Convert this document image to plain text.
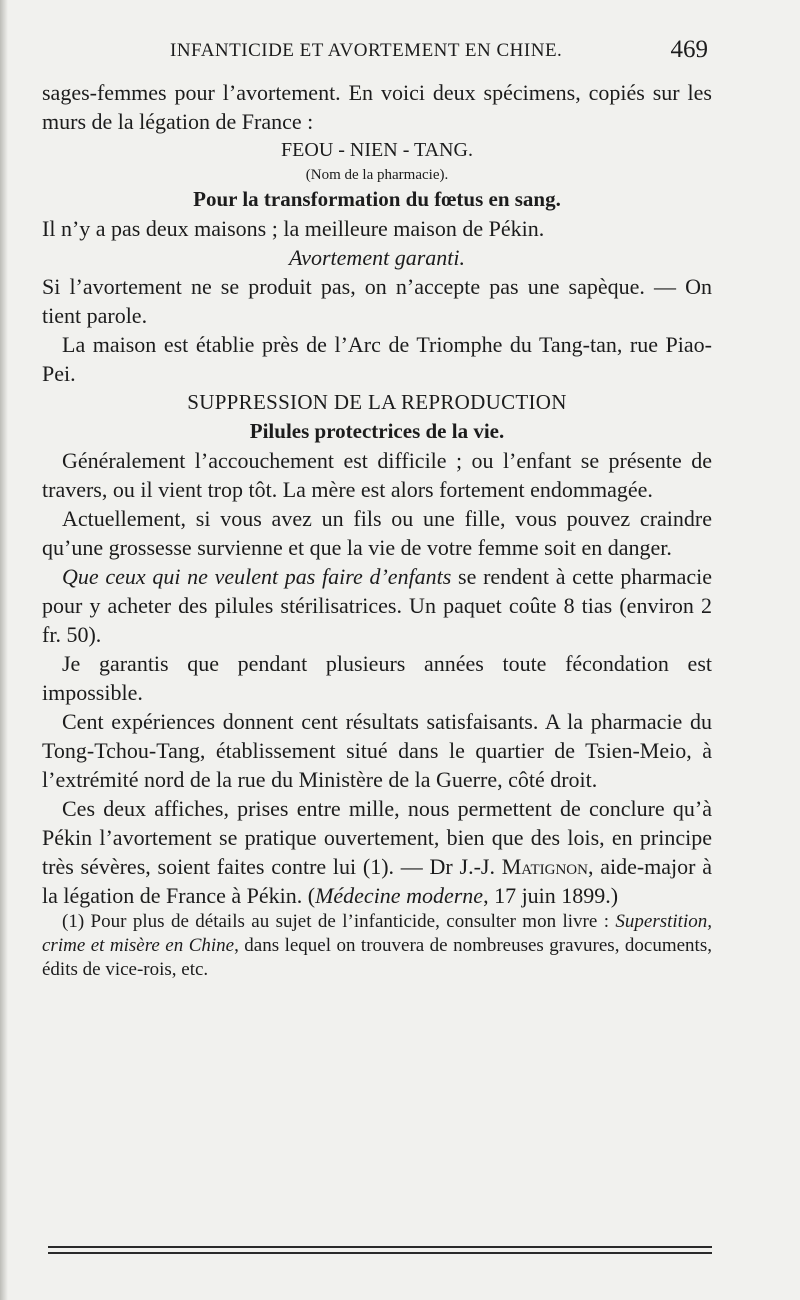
INFANTICIDE ET AVORTEMENT EN CHINE.	469

sages-femmes pour l’avortement. En voici deux spécimens, copiés sur les murs de la légation de France :

FEOU - NIEN - TANG.

(Nom de la pharmacie).

Pour la transformation du fœtus en sang.

Il n’y a pas deux maisons ; la meilleure maison de Pékin.

Avortement garanti.

Si l’avortement ne se produit pas, on n’accepte pas une sapèque. — On tient parole.

La maison est établie près de l’Arc de Triomphe du Tang-tan, rue Piao-Pei.

SUPPRESSION DE LA REPRODUCTION

Pilules protectrices de la vie.

Généralement l’accouchement est difficile ; ou l’enfant se présente de travers, ou il vient trop tôt. La mère est alors fortement endommagée.

Actuellement, si vous avez un fils ou une fille, vous pouvez craindre qu’une grossesse survienne et que la vie de votre femme soit en danger.

Que ceux qui ne veulent pas faire d’enfants se rendent à cette pharmacie pour y acheter des pilules stérilisatrices. Un paquet coûte 8 tias (environ 2 fr. 50).

Je garantis que pendant plusieurs années toute fécondation est impossible.

Cent expériences donnent cent résultats satisfaisants. A la pharmacie du Tong-Tchou-Tang, établissement situé dans le quartier de Tsien-Meio, à l’extrémité nord de la rue du Ministère de la Guerre, côté droit.

Ces deux affiches, prises entre mille, nous permettent de conclure qu’à Pékin l’avortement se pratique ouvertement, bien que des lois, en principe très sévères, soient faites contre lui (1). — Dr J.-J. Matignon, aide-major à la légation de France à Pékin. (Médecine moderne, 17 juin 1899.)

(1) Pour plus de détails au sujet de l’infanticide, consulter mon livre : Superstition, crime et misère en Chine, dans lequel on trouvera de nombreuses gravures, documents, édits de vice-rois, etc.
